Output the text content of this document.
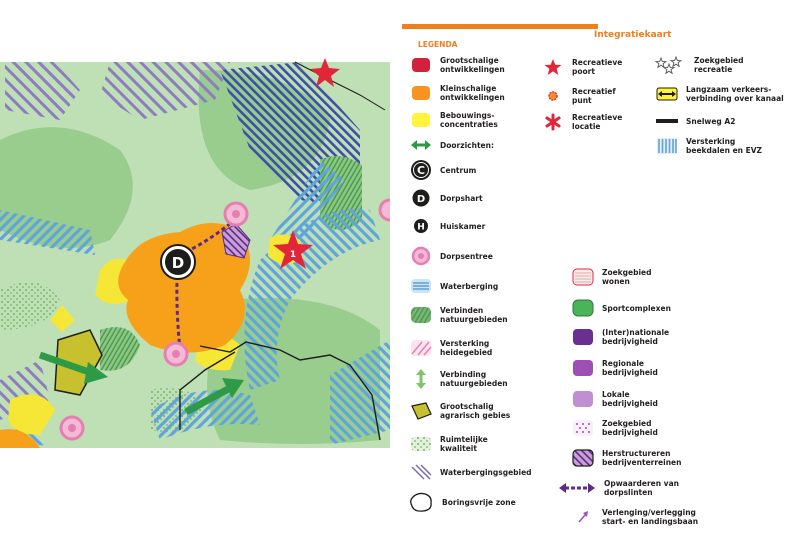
D	1
Integratiekaart
LEGENDA
Grootschalige
ontwikkelingen
Kleinschalige
ontwikkelingen
Bebouwings-
concentraties
Doorzichten:
C Centrum
D Dorpshart
H Huiskamer
Dorpsentree
Waterberging
Verbinden
natuurgebieden
Versterking
heidegebied
Verbinding
natuurgebieden
Grootschalig
agrarisch gebies
Ruimtelijke
kwaliteit
Waterbergingsgebied
Boringsvrije zone
Recreatieve
poort
Recreatief
punt
Recreatieve
locatie
Zoekgebied
recreatie
Langzaam verkeers-
verbinding over kanaal
Snelweg A2
Versterking
beekdalen en EVZ
Zoekgebied
wonen
Sportcomplexen
(Inter)nationale
bedrijvigheid
Regionale
bedrijvigheid
Lokale
bedrijvigheid
Zoekgebied
bedrijvigheid
Herstructureren
bedrijventerreinen
Opwaarderen van
dorpslinten
Verlenging/verlegging
start- en landingsbaan
